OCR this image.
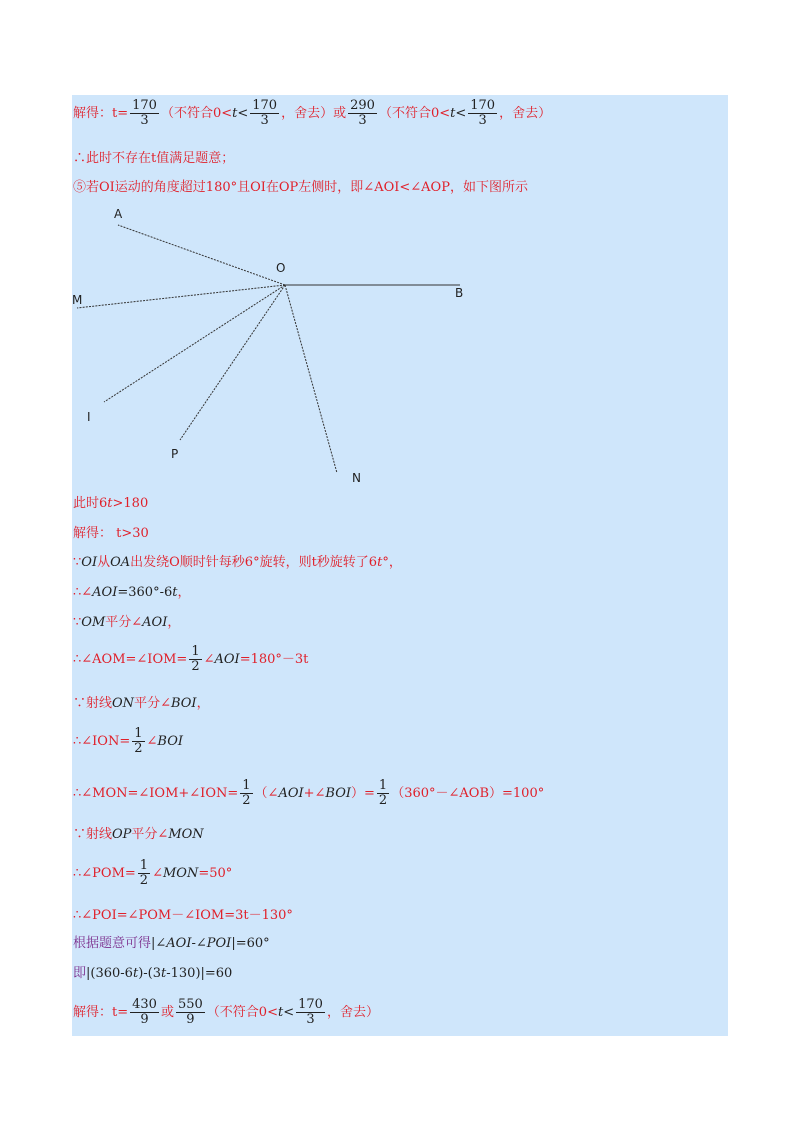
解得：$t= \frac{170}{3}$ （不符合$0<t< \frac{170}{3}$ ，舍去）或 $\frac{290}{3}$ （不符合$0<t< \frac{170}{3}$ ，舍去）
∴此时不存在t值满足题意；
⑤若OI运动的角度超过180°且OI在OP左侧时，即∠AOI<∠AOP，如下图所示
A
O
B
M
I
P
N
此时6t>180
解得： t>30
∵OI从OA出发绕O顺时针每秒6°旋转，则t秒旋转了6t°，
∴∠AOI=360°-6t，
∵OM平分∠AOI，
∴∠AOM=∠IOM= $\frac{1}{2}$ ∠AOI=180°－3t
∵射线ON平分∠BOI，
∴∠ION= $\frac{1}{2}$ ∠BOI
∴∠MON=∠IOM+∠ION= $\frac{1}{2}$ （∠AOI+∠BOI）= $\frac{1}{2}$ （360°－∠AOB）=100°
∵射线OP平分∠MON
∴∠POM= $\frac{1}{2}$ ∠MON=50°
∴∠POI=∠POM－∠IOM=3t－130°
根据题意可得|∠AOI-∠POI|=60°
即|(360-6t)-(3t-130)|=60
解得：$t= \frac{430}{9}$ 或 $\frac{550}{9}$ （不符合$0<t< \frac{170}{3}$ ，舍去）
